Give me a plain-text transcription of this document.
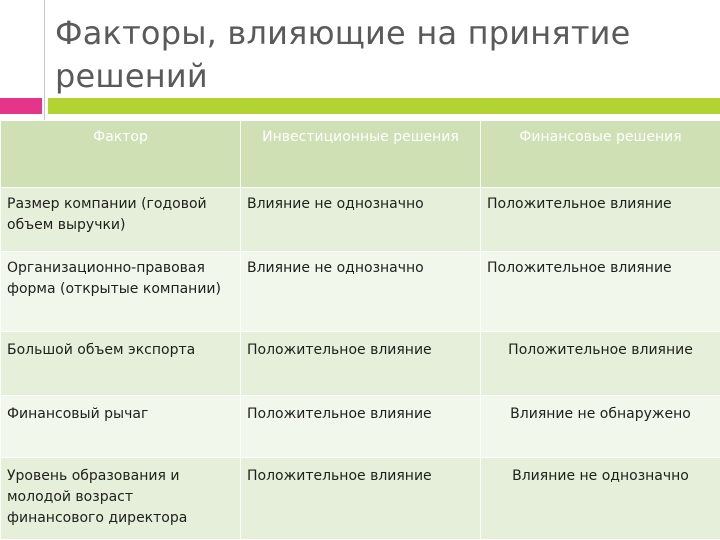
Факторы, влияющие на принятие решений
Фактор	Инвестиционные решения	Финансовые решения
Размер компании (годовой объем выручки)	Влияние не однозначно	Положительное влияние
Организационно-правовая форма (открытые компании)	Влияние не однозначно	Положительное влияние
Большой объем экспорта	Положительное влияние	Положительное влияние
Финансовый рычаг	Положительное влияние	Влияние не обнаружено
Уровень образования и молодой возраст финансового директора	Положительное влияние	Влияние не однозначно
